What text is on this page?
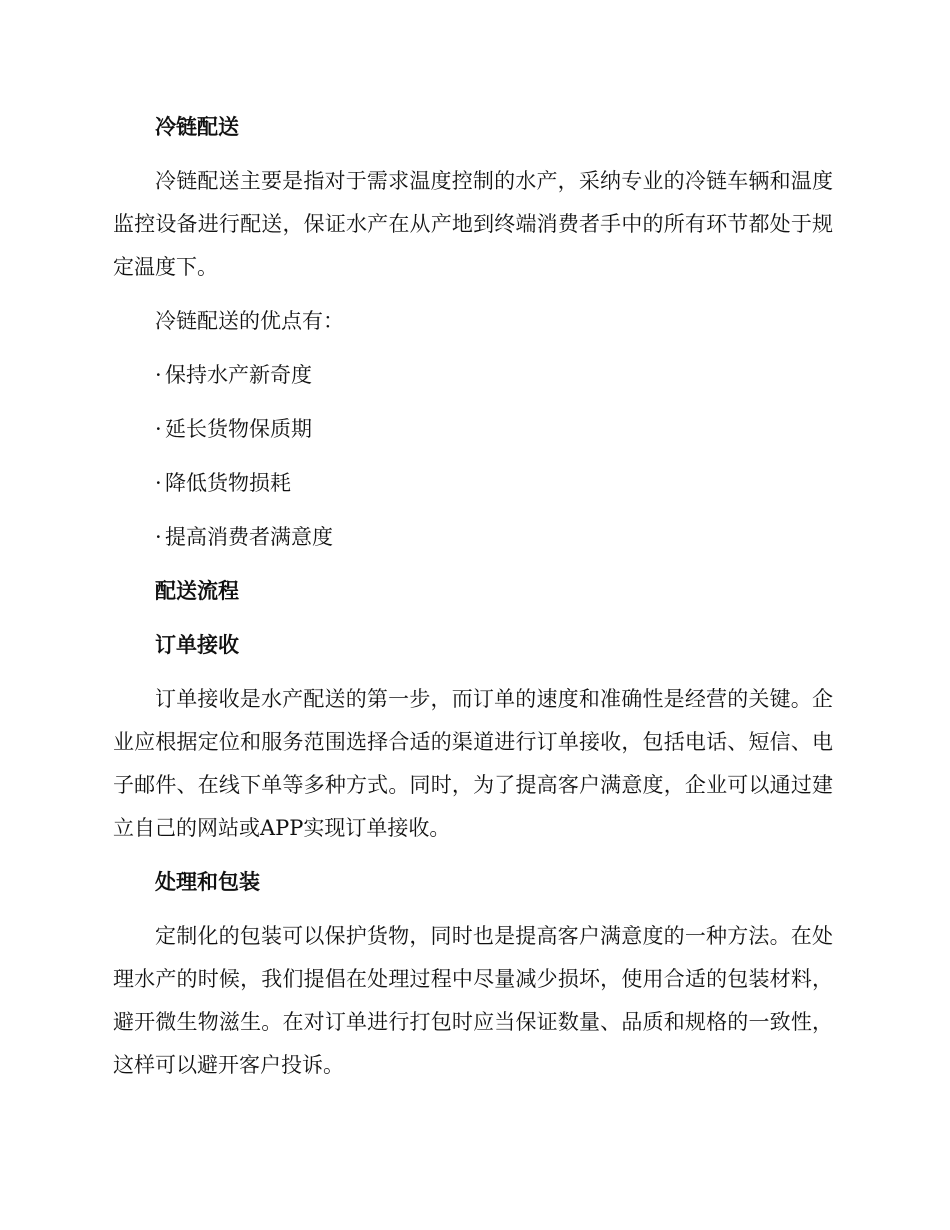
冷链配送

冷链配送主要是指对于需求温度控制的水产，采纳专业的冷链车辆和温度监控设备进行配送，保证水产在从产地到终端消费者手中的所有环节都处于规定温度下。

冷链配送的优点有：

· 保持水产新奇度
· 延长货物保质期
· 降低货物损耗
· 提高消费者满意度
配送流程
订单接收

订单接收是水产配送的第一步，而订单的速度和准确性是经营的关键。企业应根据定位和服务范围选择合适的渠道进行订单接收，包括电话、短信、电子邮件、在线下单等多种方式。同时，为了提高客户满意度，企业可以通过建立自己的网站或APP实现订单接收。

处理和包装

定制化的包装可以保护货物，同时也是提高客户满意度的一种方法。在处理水产的时候，我们提倡在处理过程中尽量减少损坏，使用合适的包装材料，避开微生物滋生。在对订单进行打包时应当保证数量、品质和规格的一致性，这样可以避开客户投诉。
